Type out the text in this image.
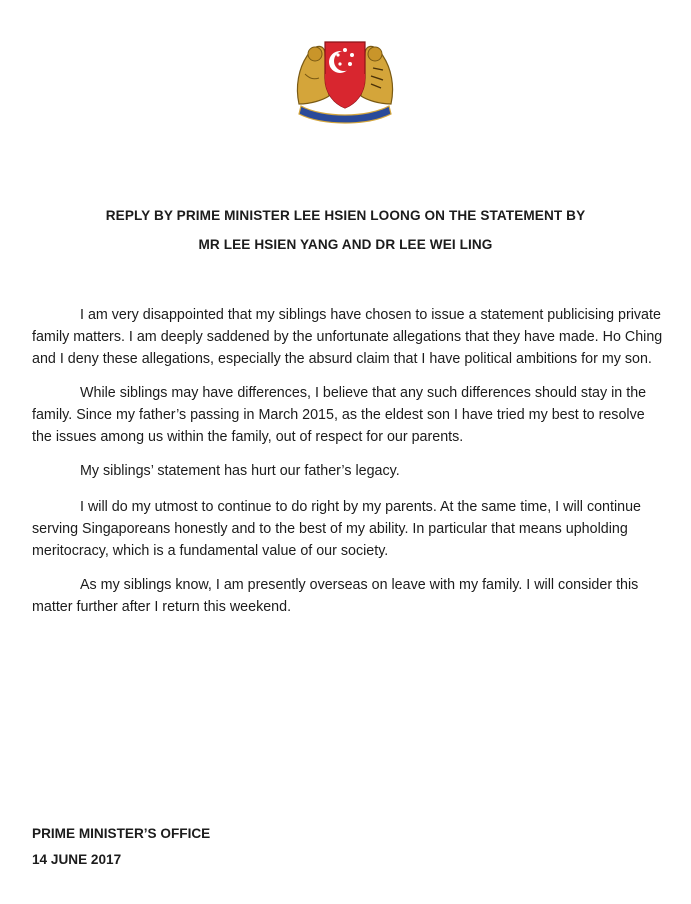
REPLY BY PRIME MINISTER LEE HSIEN LOONG ON THE STATEMENT BY

MR LEE HSIEN YANG AND DR LEE WEI LING

I am very disappointed that my siblings have chosen to issue a statement publicising private family matters. I am deeply saddened by the unfortunate allegations that they have made. Ho Ching and I deny these allegations, especially the absurd claim that I have political ambitions for my son.

While siblings may have differences, I believe that any such differences should stay in the family. Since my father’s passing in March 2015, as the eldest son I have tried my best to resolve the issues among us within the family, out of respect for our parents.

My siblings’ statement has hurt our father’s legacy.

I will do my utmost to continue to do right by my parents. At the same time, I will continue serving Singaporeans honestly and to the best of my ability. In particular that means upholding meritocracy, which is a fundamental value of our society.

As my siblings know, I am presently overseas on leave with my family. I will consider this matter further after I return this weekend.

PRIME MINISTER’S OFFICE

14 JUNE 2017
